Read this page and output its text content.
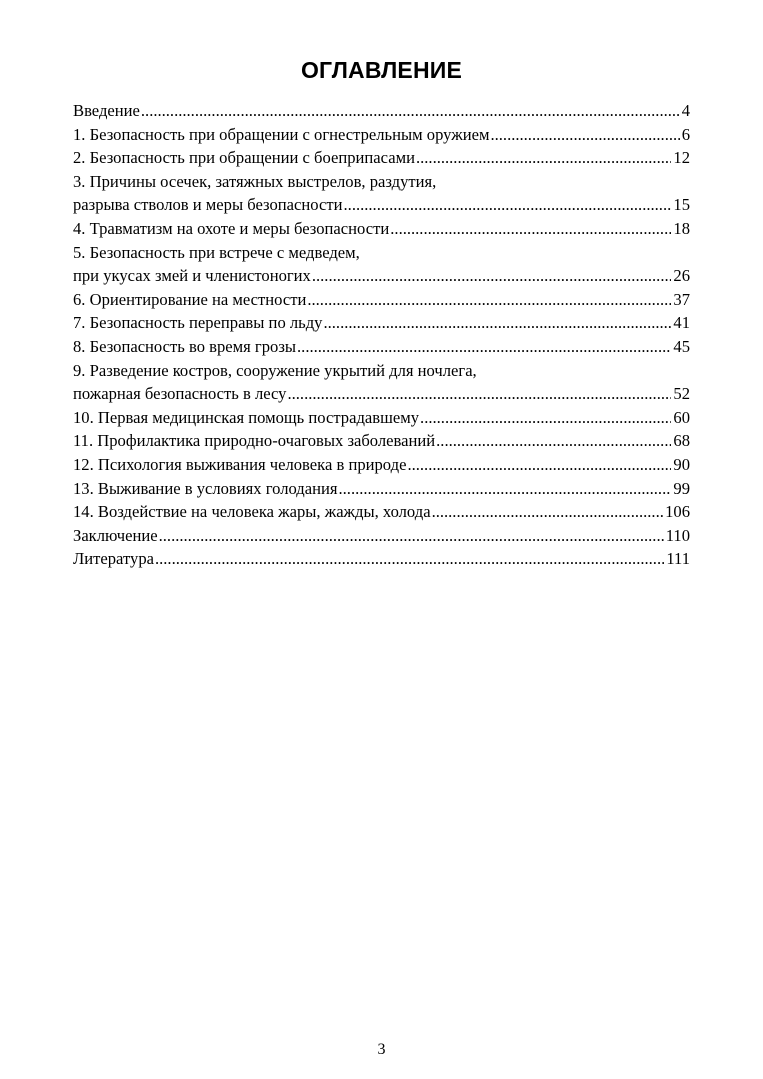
ОГЛАВЛЕНИЕ
Введение .....	4
1. Безопасность при обращении с огнестрельным оружием .....	6
2. Безопасность при обращении с боеприпасами .....	12
3. Причины осечек, затяжных выстрелов, раздутия,
разрыва стволов и меры безопасности .....	15
4. Травматизм на охоте и меры безопасности .....	18
5. Безопасность при встрече с медведем,
при укусах змей и членистоногих .....	26
6. Ориентирование на местности .....	37
7. Безопасность переправы по льду .....	41
8. Безопасность во время грозы .....	45
9. Разведение костров, сооружение укрытий для ночлега,
пожарная безопасность в лесу .....	52
10. Первая медицинская помощь пострадавшему .....	60
11. Профилактика природно-очаговых заболеваний .....	68
12. Психология выживания человека в природе .....	90
13. Выживание в условиях голодания .....	99
14. Воздействие на человека жары, жажды, холода .....	106
Заключение .....	110
Литература .....	111
3
